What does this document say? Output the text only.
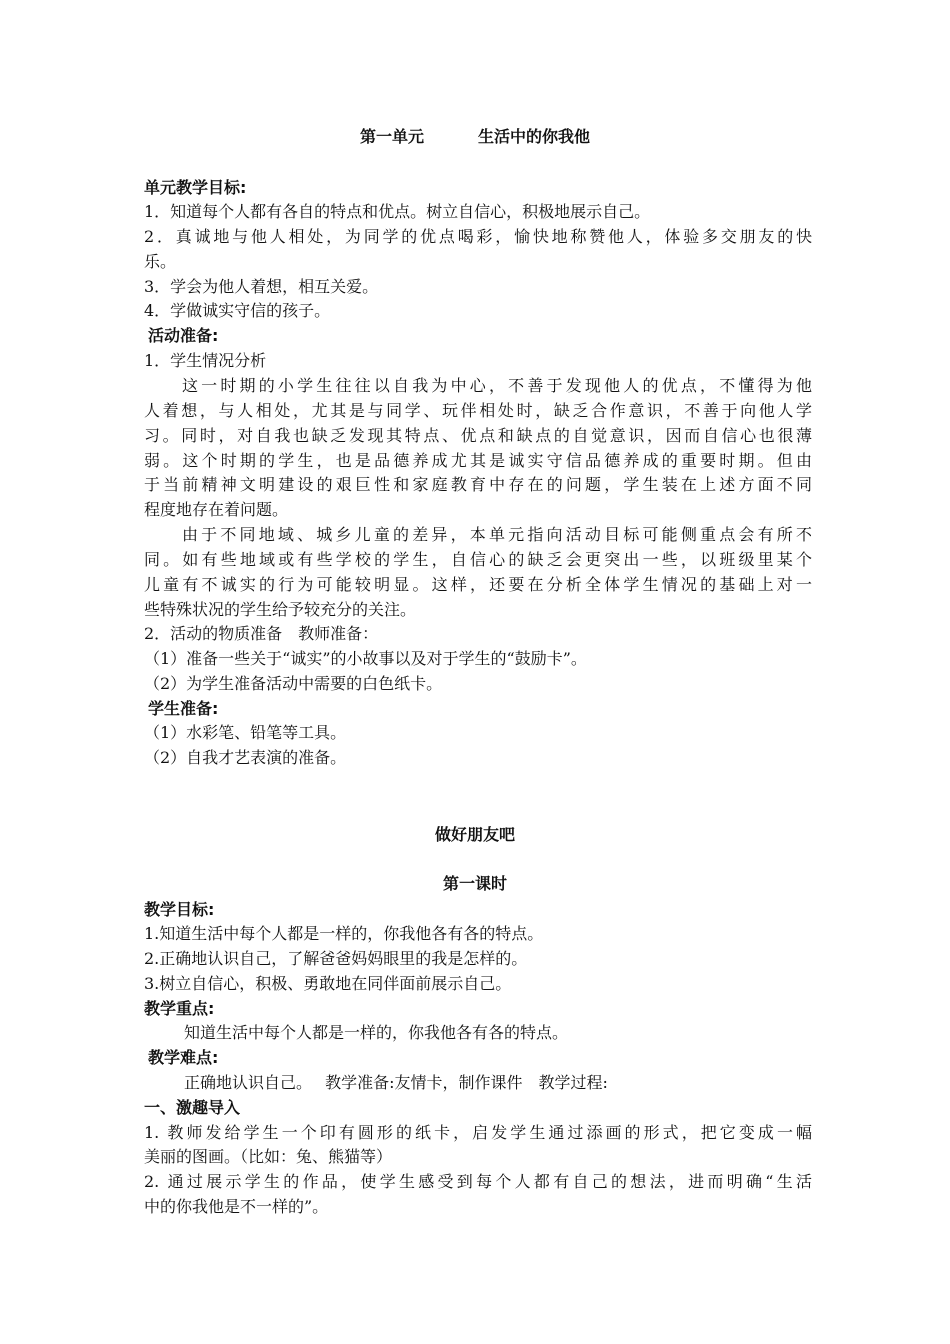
第一单元	生活中的你我他
单元教学目标:
1．知道每个人都有各自的特点和优点。树立自信心，积极地展示自己。
2．真诚地与他人相处，为同学的优点喝彩，愉快地称赞他人，体验多交朋友的快
乐。
3．学会为他人着想，相互关爱。
4．学做诚实守信的孩子。
活动准备:
1．学生情况分析
这一时期的小学生往往以自我为中心，不善于发现他人的优点，不懂得为他
人着想，与人相处，尤其是与同学、玩伴相处时，缺乏合作意识，不善于向他人学
习。同时，对自我也缺乏发现其特点、优点和缺点的自觉意识，因而自信心也很薄
弱。这个时期的学生，也是品德养成尤其是诚实守信品德养成的重要时期。但由
于当前精神文明建设的艰巨性和家庭教育中存在的问题，学生装在上述方面不同
程度地存在着问题。
由于不同地域、城乡儿童的差异，本单元指向活动目标可能侧重点会有所不
同。如有些地域或有些学校的学生，自信心的缺乏会更突出一些，以班级里某个
儿童有不诚实的行为可能较明显。这样，还要在分析全体学生情况的基础上对一
些特殊状况的学生给予较充分的关注。
2．活动的物质准备　教师准备：
（1）准备一些关于“诚实”的小故事以及对于学生的“鼓励卡”。
（2）为学生准备活动中需要的白色纸卡。
学生准备:
（1）水彩笔、铅笔等工具。
（2）自我才艺表演的准备。
做好朋友吧
第一课时
教学目标:
1.知道生活中每个人都是一样的，你我他各有各的特点。
2.正确地认识自己，了解爸爸妈妈眼里的我是怎样的。
3.树立自信心，积极、勇敢地在同伴面前展示自己。
教学重点:
知道生活中每个人都是一样的，你我他各有各的特点。
教学难点:
正确地认识自己。　 教学准备:友情卡，制作课件　教学过程:
一、激趣导入
1. 教师发给学生一个印有圆形的纸卡，启发学生通过添画的形式，把它变成一幅
美丽的图画。（比如：兔、熊猫等）
2. 通过展示学生的作品，使学生感受到每个人都有自己的想法，进而明确“生活
中的你我他是不一样的”。
